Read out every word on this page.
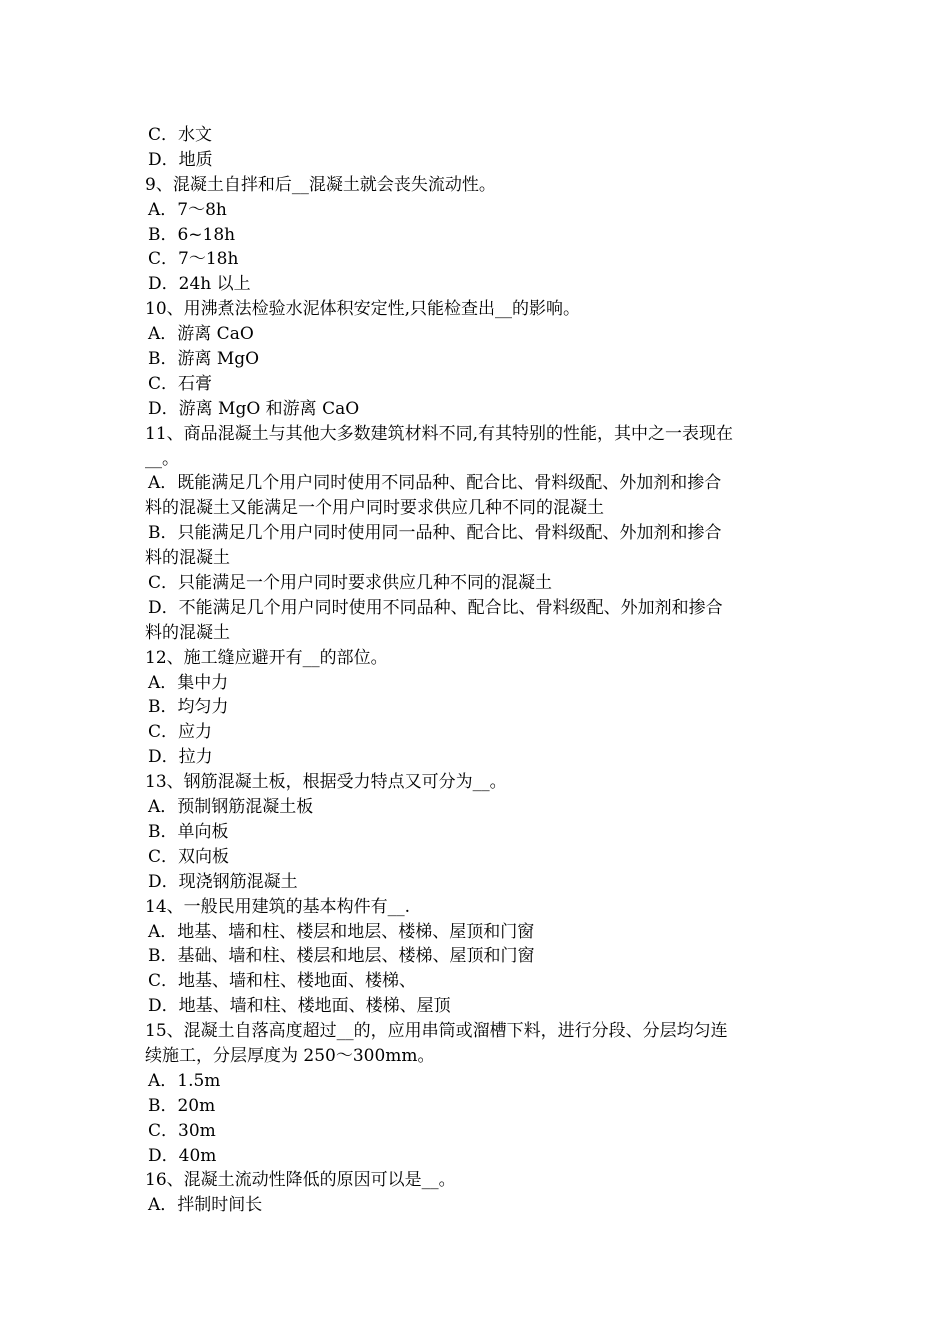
C．水文
D．地质
9、混凝土自拌和后__混凝土就会丧失流动性。
A．7～8h
B．6~18h
C．7～18h
D．24h 以上
10、用沸煮法检验水泥体积安定性,只能检查出__的影响。
A．游离 CaO
B．游离 MgO
C．石膏
D．游离 MgO 和游离 CaO
11、商品混凝土与其他大多数建筑材料不同,有其特别的性能，其中之一表现在
__。
A．既能满足几个用户同时使用不同品种、配合比、骨料级配、外加剂和掺合
料的混凝土又能满足一个用户同时要求供应几种不同的混凝土
B．只能满足几个用户同时使用同一品种、配合比、骨料级配、外加剂和掺合
料的混凝土
C．只能满足一个用户同时要求供应几种不同的混凝土
D．不能满足几个用户同时使用不同品种、配合比、骨料级配、外加剂和掺合
料的混凝土
12、施工缝应避开有__的部位。
A．集中力
B．均匀力
C．应力
D．拉力
13、钢筋混凝土板，根据受力特点又可分为__。
A．预制钢筋混凝土板
B．单向板
C．双向板
D．现浇钢筋混凝土
14、一般民用建筑的基本构件有__.
A．地基、墙和柱、楼层和地层、楼梯、屋顶和门窗
B．基础、墙和柱、楼层和地层、楼梯、屋顶和门窗
C．地基、墙和柱、楼地面、楼梯、
D．地基、墙和柱、楼地面、楼梯、屋顶
15、混凝土自落高度超过__的，应用串筒或溜槽下料，进行分段、分层均匀连
续施工，分层厚度为 250～300mm。
A．1.5m
B．20m
C．30m
D．40m
16、混凝土流动性降低的原因可以是__。
A．拌制时间长
